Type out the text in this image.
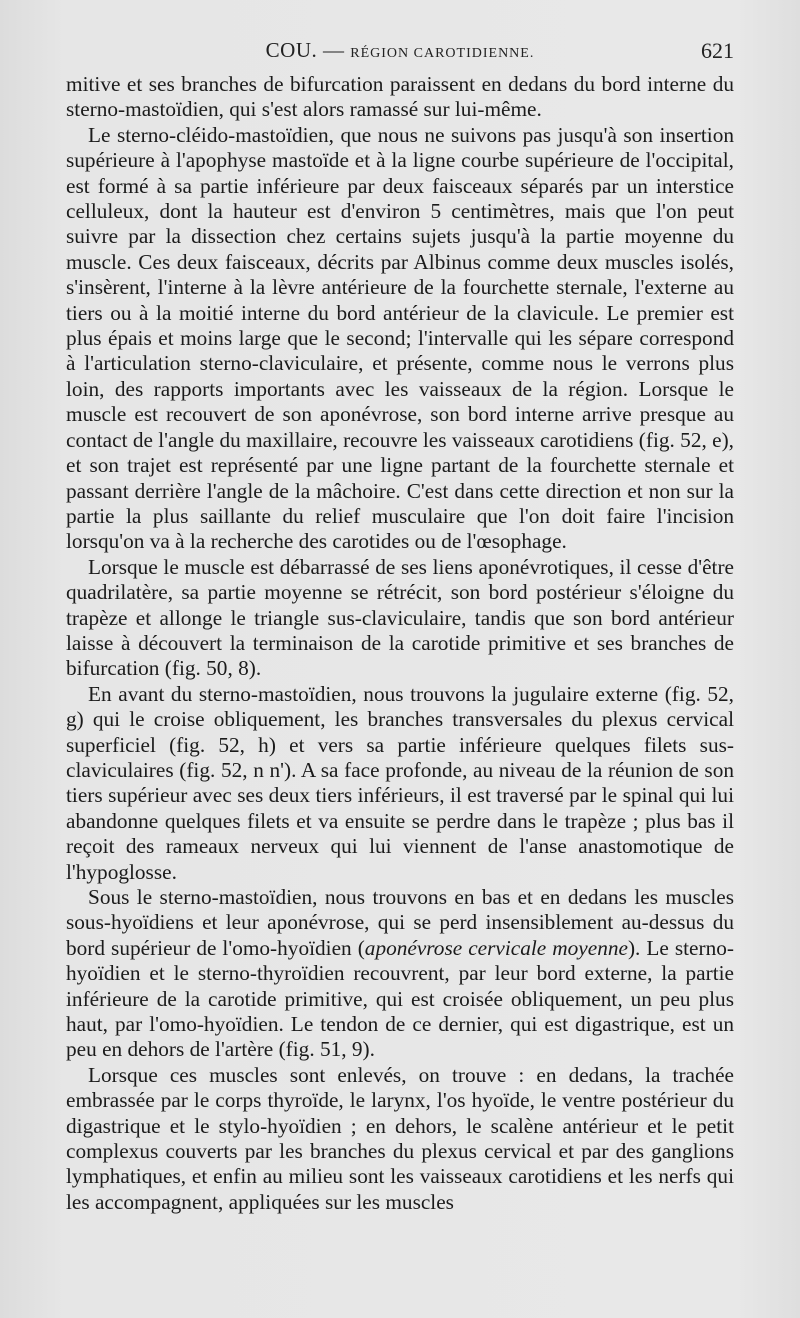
COU. — RÉGION CAROTIDIENNE.	621

mitive et ses branches de bifurcation paraissent en dedans du bord interne du sterno-mastoïdien, qui s'est alors ramassé sur lui-même.

Le sterno-cléido-mastoïdien, que nous ne suivons pas jusqu'à son insertion supérieure à l'apophyse mastoïde et à la ligne courbe supérieure de l'occipital, est formé à sa partie inférieure par deux faisceaux séparés par un interstice celluleux, dont la hauteur est d'environ 5 centimètres, mais que l'on peut suivre par la dissection chez certains sujets jusqu'à la partie moyenne du muscle. Ces deux faisceaux, décrits par Albinus comme deux muscles isolés, s'insèrent, l'interne à la lèvre antérieure de la fourchette sternale, l'externe au tiers ou à la moitié interne du bord antérieur de la clavicule. Le premier est plus épais et moins large que le second; l'intervalle qui les sépare correspond à l'articulation sterno-claviculaire, et présente, comme nous le verrons plus loin, des rapports importants avec les vaisseaux de la région. Lorsque le muscle est recouvert de son aponévrose, son bord interne arrive presque au contact de l'angle du maxillaire, recouvre les vaisseaux carotidiens (fig. 52, e), et son trajet est représenté par une ligne partant de la fourchette sternale et passant derrière l'angle de la mâchoire. C'est dans cette direction et non sur la partie la plus saillante du relief musculaire que l'on doit faire l'incision lorsqu'on va à la recherche des carotides ou de l'œsophage.

Lorsque le muscle est débarrassé de ses liens aponévrotiques, il cesse d'être quadrilatère, sa partie moyenne se rétrécit, son bord postérieur s'éloigne du trapèze et allonge le triangle sus-claviculaire, tandis que son bord antérieur laisse à découvert la terminaison de la carotide primitive et ses branches de bifurcation (fig. 50, 8).

En avant du sterno-mastoïdien, nous trouvons la jugulaire externe (fig. 52, g) qui le croise obliquement, les branches transversales du plexus cervical superficiel (fig. 52, h) et vers sa partie inférieure quelques filets sus-claviculaires (fig. 52, n n'). A sa face profonde, au niveau de la réunion de son tiers supérieur avec ses deux tiers inférieurs, il est traversé par le spinal qui lui abandonne quelques filets et va ensuite se perdre dans le trapèze ; plus bas il reçoit des rameaux nerveux qui lui viennent de l'anse anastomotique de l'hypoglosse.

Sous le sterno-mastoïdien, nous trouvons en bas et en dedans les muscles sous-hyoïdiens et leur aponévrose, qui se perd insensiblement au-dessus du bord supérieur de l'omo-hyoïdien (aponévrose cervicale moyenne). Le sterno-hyoïdien et le sterno-thyroïdien recouvrent, par leur bord externe, la partie inférieure de la carotide primitive, qui est croisée obliquement, un peu plus haut, par l'omo-hyoïdien. Le tendon de ce dernier, qui est digastrique, est un peu en dehors de l'artère (fig. 51, 9).

Lorsque ces muscles sont enlevés, on trouve : en dedans, la trachée embrassée par le corps thyroïde, le larynx, l'os hyoïde, le ventre postérieur du digastrique et le stylo-hyoïdien ; en dehors, le scalène antérieur et le petit complexus couverts par les branches du plexus cervical et par des ganglions lymphatiques, et enfin au milieu sont les vaisseaux carotidiens et les nerfs qui les accompagnent, appliquées sur les muscles
